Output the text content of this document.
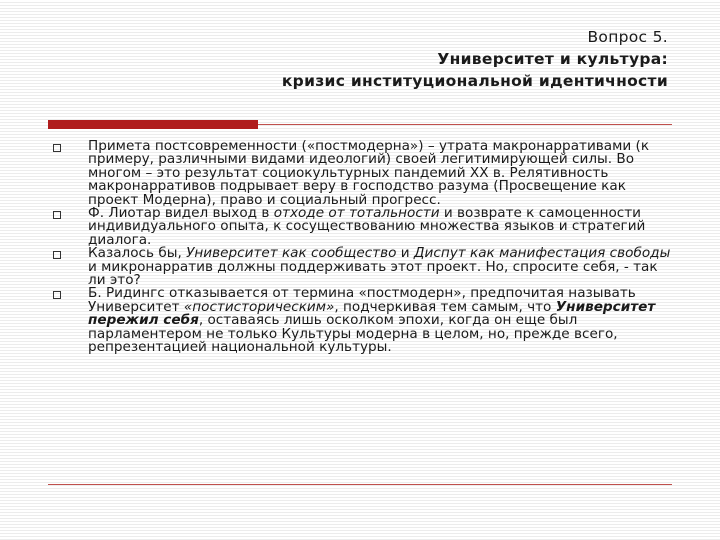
Вопрос 5.
Университет и культура:
кризис институциональной идентичности

Примета постсовременности («постмодерна») – утрата макронарративами (к примеру, различными видами идеологий) своей легитимирующей силы. Во многом – это результат социокультурных пандемий XX в. Релятивность макронарративов подрывает веру в господство разума (Просвещение как проект Модерна), право и социальный прогресс.

Ф. Лиотар видел выход в отходе от тотальности и возврате к самоценности индивидуального опыта, к сосуществованию множества языков и стратегий диалога.

Казалось бы, Университет как сообщество и Диспут как манифестация свободы и микронарратив должны поддерживать этот проект. Но, спросите себя, - так ли это?

Б. Ридингс отказывается от термина «постмодерн», предпочитая называть Университет «постисторическим», подчеркивая тем самым, что Университет пережил себя, оставаясь лишь осколком эпохи, когда он еще был парламентером не только Культуры модерна в целом, но, прежде всего, репрезентацией национальной культуры.
